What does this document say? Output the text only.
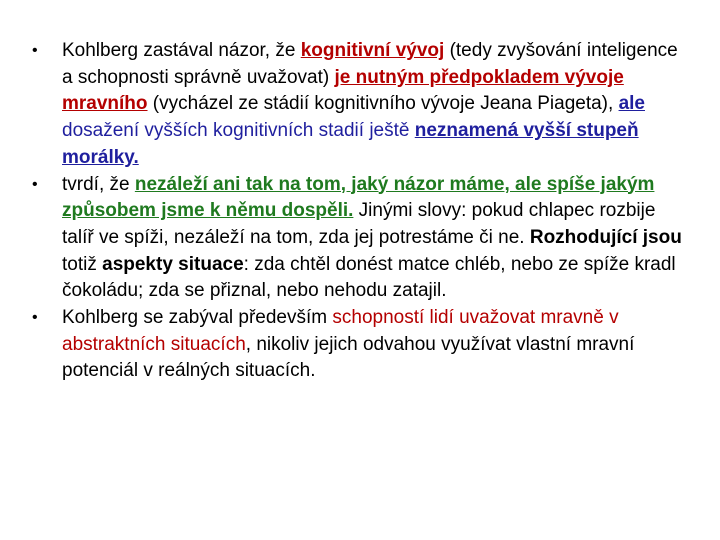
• Kohlberg zastával názor, že kognitivní vývoj (tedy zvyšování inteligence a schopnosti správně uvažovat) je nutným předpokladem vývoje mravního (vycházel ze stádií kognitivního vývoje Jeana Piageta), ale dosažení vyšších kognitivních stadií ještě neznamená vyšší stupeň morálky.
• tvrdí, že nezáleží ani tak na tom, jaký názor máme, ale spíše jakým způsobem jsme k němu dospěli. Jinými slovy: pokud chlapec rozbije talíř ve spíži, nezáleží na tom, zda jej potrestáme či ne. Rozhodující jsou totiž aspekty situace: zda chtěl donést matce chléb, nebo ze spíže kradl čokoládu; zda se přiznal, nebo nehodu zatajil.
• Kohlberg se zabýval především schopností lidí uvažovat mravně v abstraktních situacích, nikoliv jejich odvahou využívat vlastní mravní potenciál v reálných situacích.
